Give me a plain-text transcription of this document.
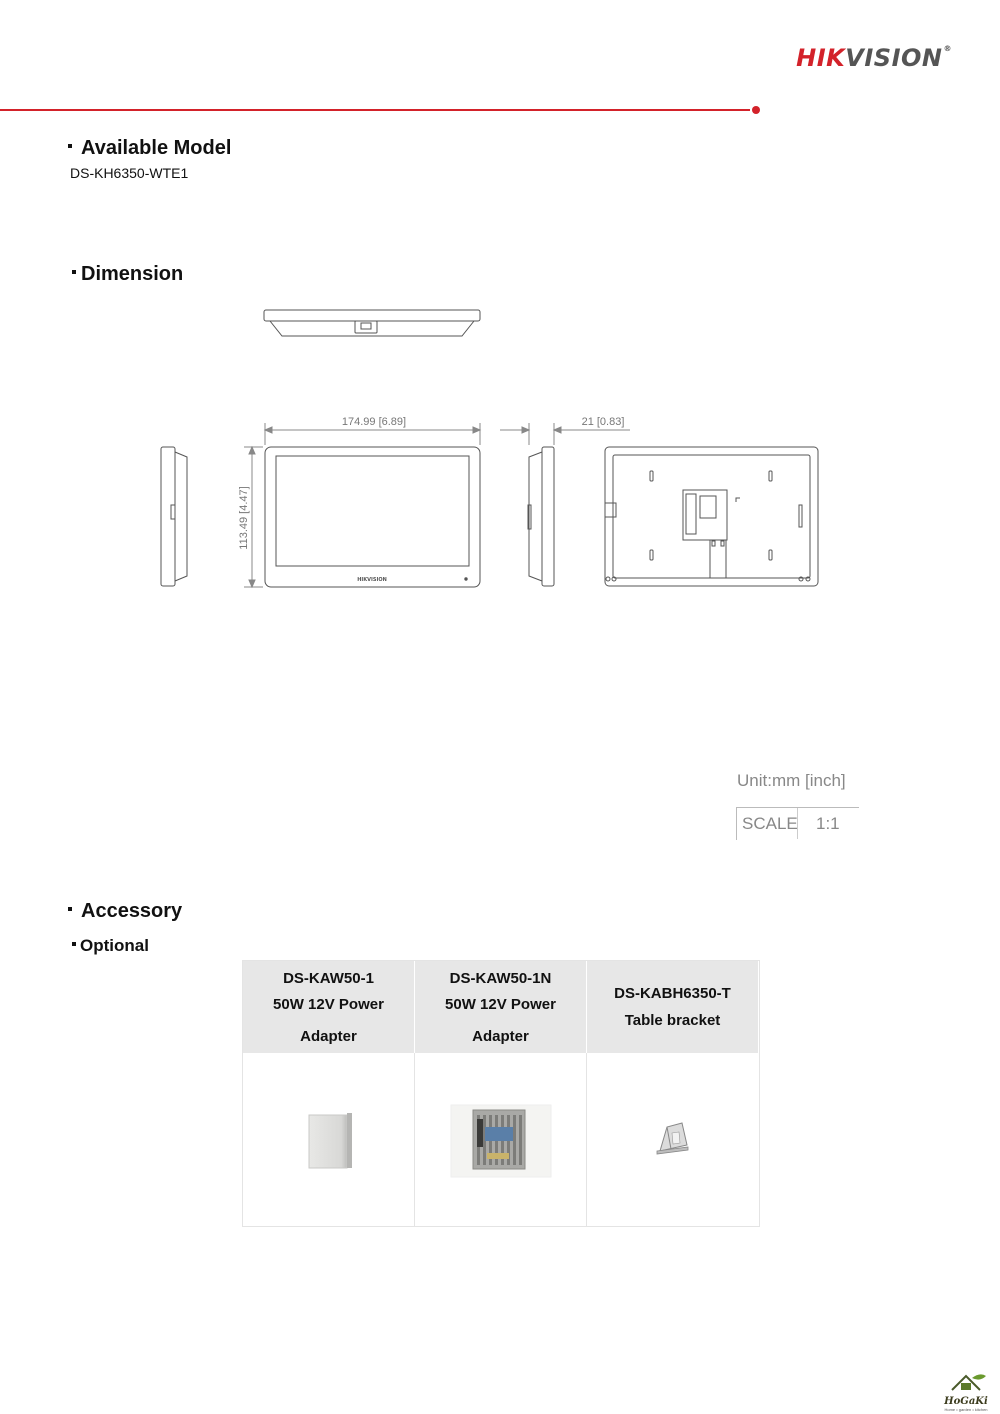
HIKVISION®
Available Model
DS-KH6350-WTE1
Dimension
174.99 [6.89]
113.49 [4.47]
21 [0.83]
HIKVISION
Unit:mm [inch]
SCALE 1:1
Accessory
Optional
DS-KAW50-1
50W 12V Power
Adapter
DS-KAW50-1N
50W 12V Power
Adapter
DS-KABH6350-T
Table bracket
HoGaKi
Home • garden • kitchen
